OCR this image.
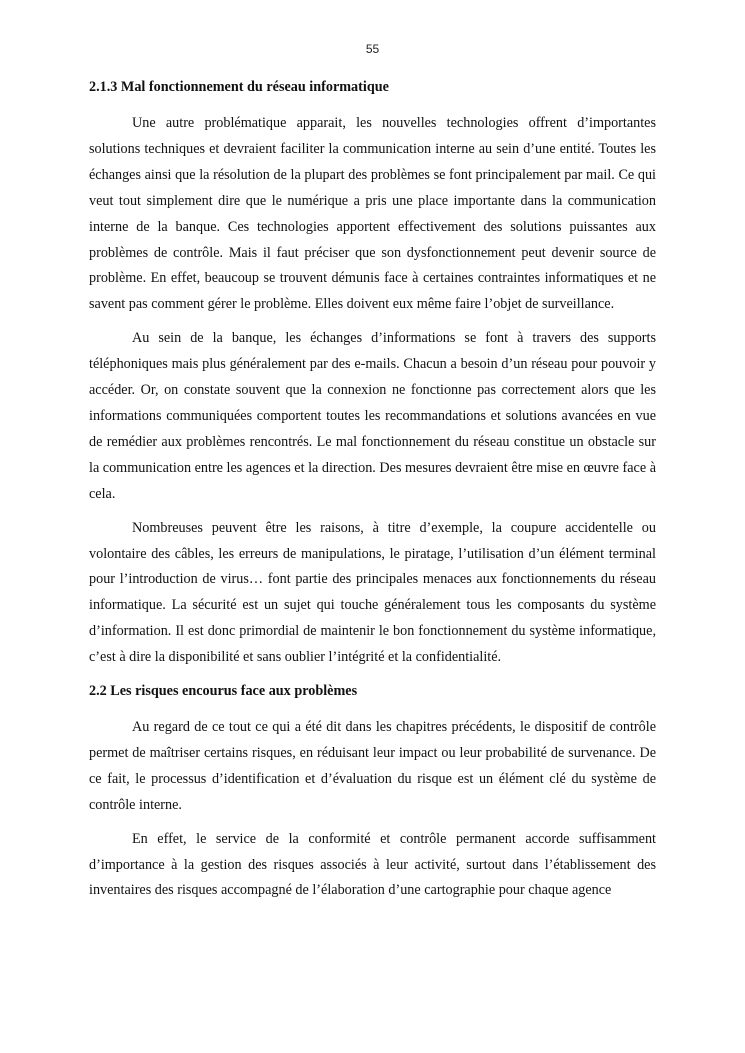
55
2.1.3 Mal fonctionnement du réseau informatique

Une autre problématique apparait, les nouvelles technologies offrent d’importantes solutions techniques et devraient faciliter la communication interne au sein d’une entité. Toutes les échanges ainsi que la résolution de la plupart des problèmes se font principalement par mail. Ce qui veut tout simplement dire que le numérique a pris une place importante dans la communication interne de la banque. Ces technologies apportent effectivement des solutions puissantes aux problèmes de contrôle. Mais il faut préciser que son dysfonctionnement peut devenir source de problème. En effet, beaucoup se trouvent démunis face à certaines contraintes informatiques et ne savent pas comment gérer le problème. Elles doivent eux même faire l’objet de surveillance.

Au sein de la banque, les échanges d’informations se font à travers des supports téléphoniques mais plus généralement par des e-mails. Chacun a besoin d’un réseau pour pouvoir y accéder. Or, on constate souvent que la connexion ne fonctionne pas correctement alors que les informations communiquées comportent toutes les recommandations et solutions avancées en vue de remédier aux problèmes rencontrés. Le mal fonctionnement du réseau constitue un obstacle sur la communication entre les agences et la direction. Des mesures devraient être mise en œuvre face à cela.

Nombreuses peuvent être les raisons, à titre d’exemple, la coupure accidentelle ou volontaire des câbles, les erreurs de manipulations, le piratage, l’utilisation d’un élément terminal pour l’introduction de virus… font partie des principales menaces aux fonctionnements du réseau informatique. La sécurité est un sujet qui touche généralement tous les composants du système d’information. Il est donc primordial de maintenir le bon fonctionnement du système informatique, c’est à dire la disponibilité et sans oublier l’intégrité et la confidentialité.

2.2 Les risques encourus face aux problèmes

Au regard de ce tout ce qui a été dit dans les chapitres précédents, le dispositif de contrôle permet de maîtriser certains risques, en réduisant leur impact ou leur probabilité de survenance. De ce fait, le processus d’identification et d’évaluation du risque est un élément clé du système de contrôle interne.

En effet, le service de la conformité et contrôle permanent accorde suffisamment d’importance à la gestion des risques associés à leur activité, surtout dans l’établissement des inventaires des risques accompagné de l’élaboration d’une cartographie pour chaque agence
